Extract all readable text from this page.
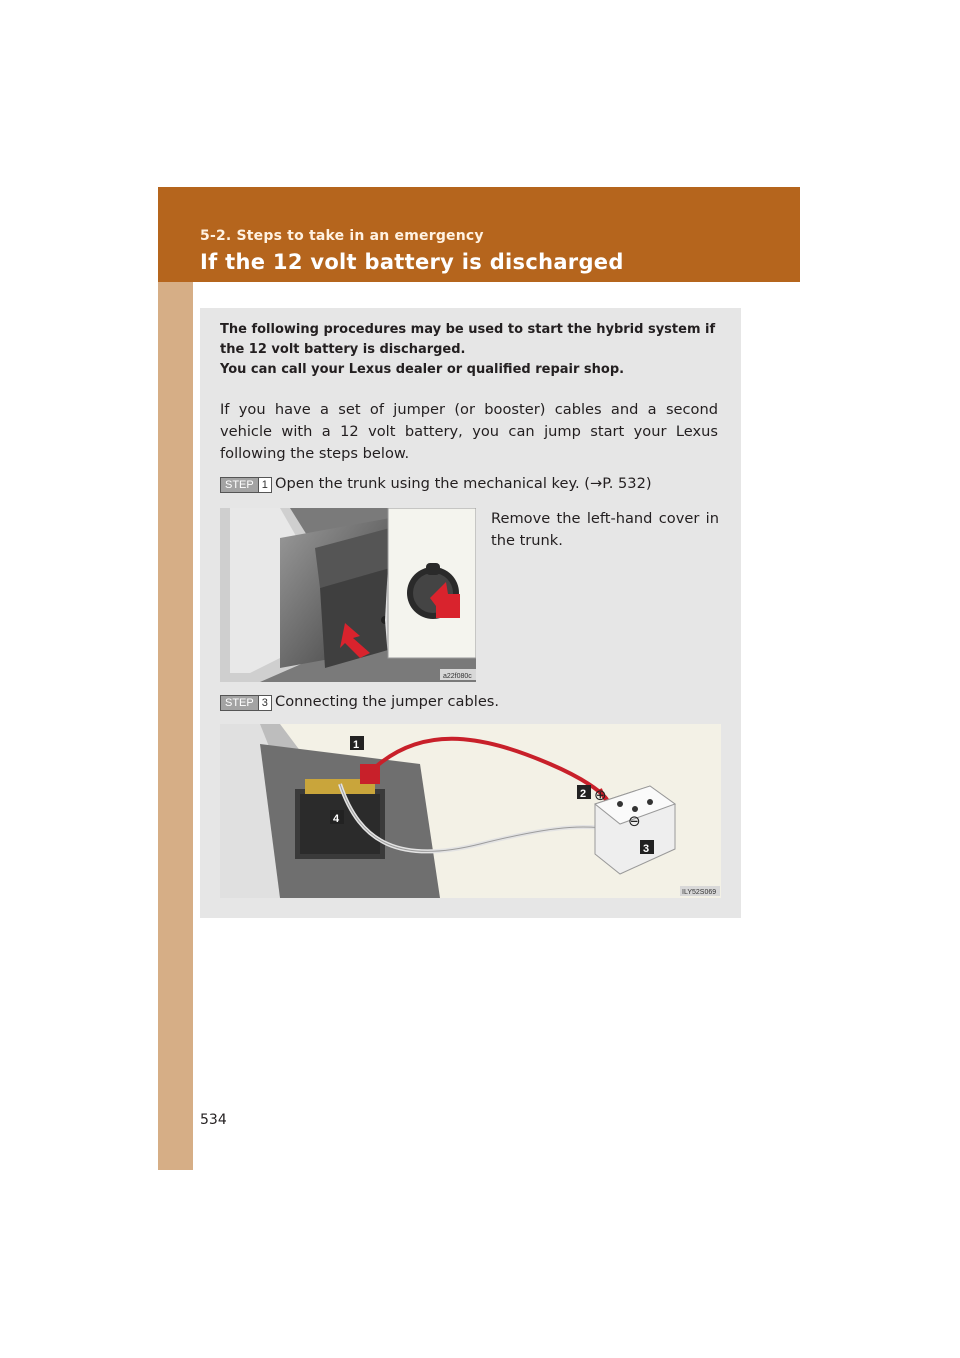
5-2. Steps to take in an emergency
If the 12 volt battery is discharged

The following procedures may be used to start the hybrid system if the 12 volt battery is discharged.

You can call your Lexus dealer or qualified repair shop.

If you have a set of jumper (or booster) cables and a second vehicle with a 12 volt battery, you can jump start your Lexus following the steps below.
STEP 1 Open the trunk using the mechanical key. (→P. 532)
a22f080c
Remove the left-hand cover in the trunk.
STEP 3 Connecting the jumper cables.
1
2
3
4
⊕
⊖
ILY52S069
534
